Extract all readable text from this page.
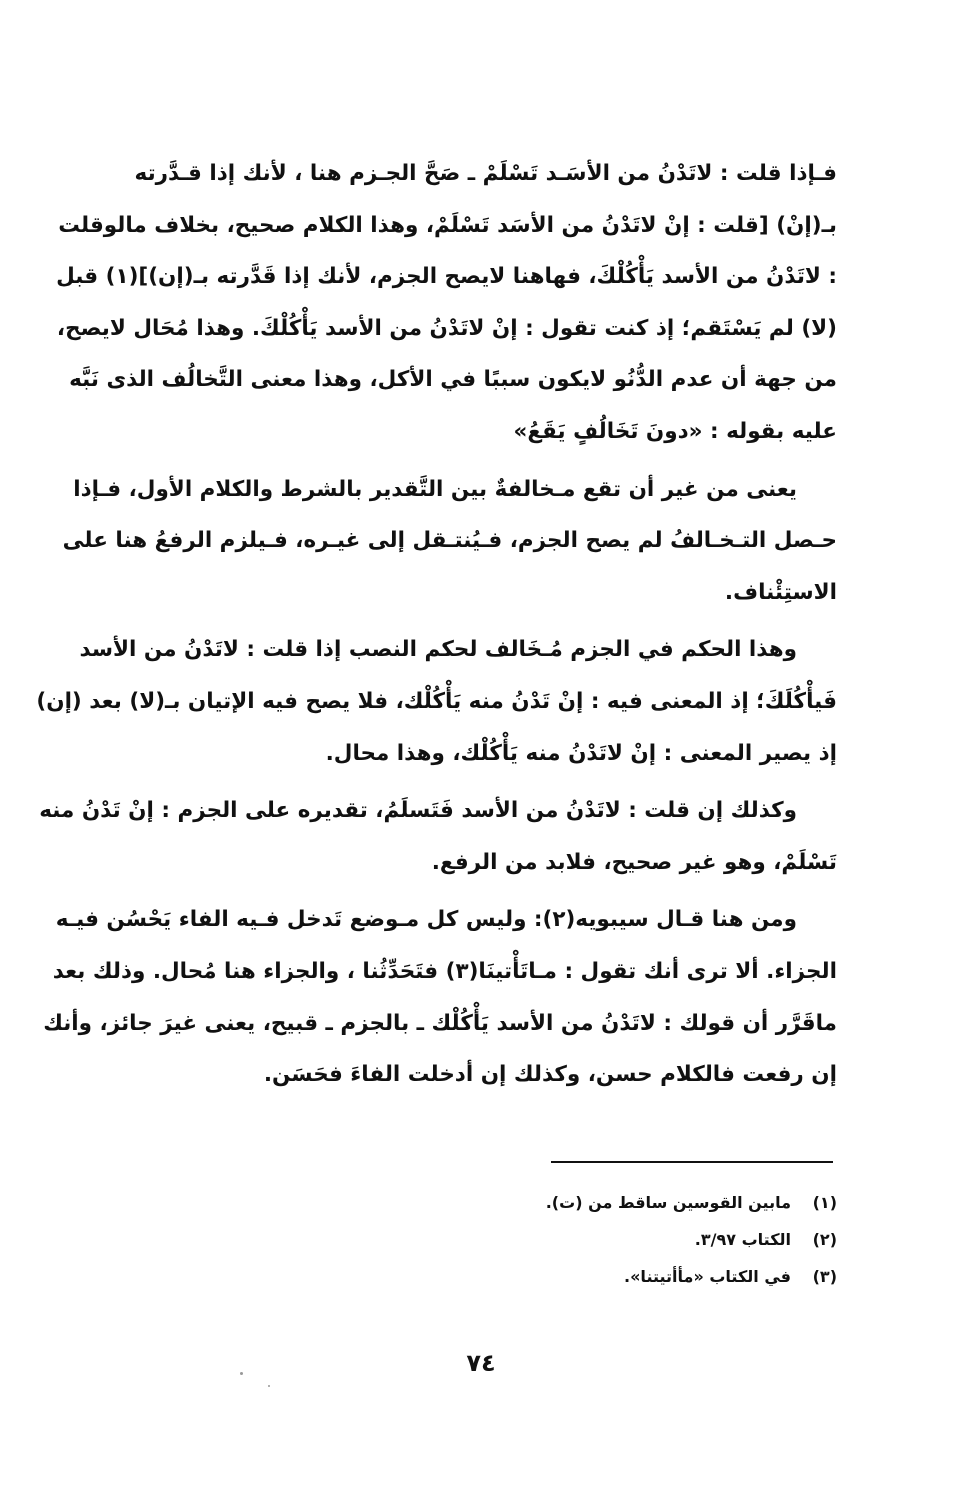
فـإذا قلت : لاتَدْنُ من الأسَـد تَسْلَمْ ـ صَحَّ الجـزم هنا ، لأنك إذا قـدَّرته
بـ(إنْ) [قلت : إنْ لاتَدْنُ من الأسَد تَسْلَمْ، وهذا الكلام صحيح، بخلاف مالوقلت
: لاتَدْنُ من الأسد يَأْكُلْكَ، فهاهنا لايصح الجزم، لأنك إذا قَدَّرته بـ(إن)](١) قبل
(لا) لم يَسْتَقم؛ إذ كنت تقول : إنْ لاتَدْنُ من الأسد يَأْكُلْكَ. وهذا مُحَال لايصح،
من جهة أن عدم الدُّنُو لايكون سببًا في الأكل، وهذا معنى التَّخالُف الذى نَبَّه
عليه بقوله : «دونَ تَخَالُفٍ يَقَعُ»

يعنى من غير أن تقع مـخالفةٌ بين التَّقدير بالشرط والكلام الأول، فـإذا
حـصل التـخـالفُ لم يصح الجزم، فـيُنتـقل إلى غيـره، فـيلزم الرفعُ هنا على
الاستِئْناف.

وهذا الحكم في الجزم مُـخَالف لحكم النصب إذا قلت : لاتَدْنُ من الأسد
فَيأْكُلَكَ؛ إذ المعنى فيه : إنْ تَدْنُ منه يَأْكُلْك، فلا يصح فيه الإتيان بـ(لا) بعد (إن)
إذ يصير المعنى : إنْ لاتَدْنُ منه يَأْكُلْك، وهذا محال.

وكذلك إن قلت : لاتَدْنُ من الأسد فَتَسلَمُ، تقديره على الجزم : إنْ تَدْنُ منه
تَسْلَمْ، وهو غير صحيح، فلابد من الرفع.

ومن هنا قـال سيبويه(٢): وليس كل مـوضع تَدخل فـيه الفاء يَحْسُن فيـه
الجزاء. ألا ترى أنك تقول : مـاتَأْتينَا(٣) فتَحَدِّثُنا ، والجزاء هنا مُحال. وذلك بعد
ماقَرَّر أن قولك : لاتَدْنُ من الأسد يَأْكُلْك ـ بالجزم ـ قبيح، يعنى غيرَ جائز، وأنك
إن رفعت فالكلام حسن، وكذلك إن أدخلت الفاءَ فحَسَن.

(١)
مابين القوسين ساقط من (ت).
(٢)
الكتاب ٣/٩٧.
(٣)
في الكتاب «مأأتيتنا».
٧٤
